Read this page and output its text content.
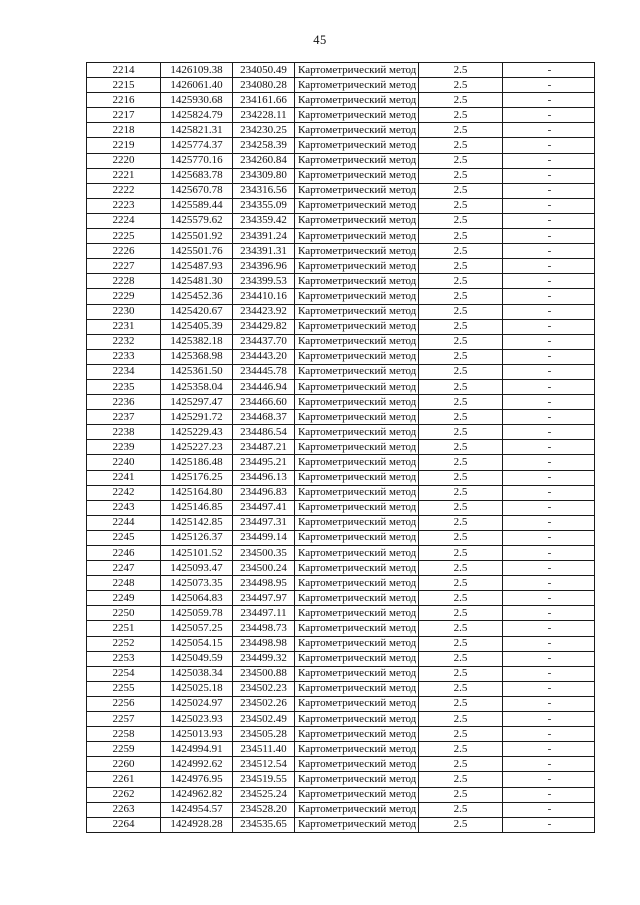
45
2214	1426109.38	234050.49	Картометрический метод	2.5	-
2215	1426061.40	234080.28	Картометрический метод	2.5	-
2216	1425930.68	234161.66	Картометрический метод	2.5	-
2217	1425824.79	234228.11	Картометрический метод	2.5	-
2218	1425821.31	234230.25	Картометрический метод	2.5	-
2219	1425774.37	234258.39	Картометрический метод	2.5	-
2220	1425770.16	234260.84	Картометрический метод	2.5	-
2221	1425683.78	234309.80	Картометрический метод	2.5	-
2222	1425670.78	234316.56	Картометрический метод	2.5	-
2223	1425589.44	234355.09	Картометрический метод	2.5	-
2224	1425579.62	234359.42	Картометрический метод	2.5	-
2225	1425501.92	234391.24	Картометрический метод	2.5	-
2226	1425501.76	234391.31	Картометрический метод	2.5	-
2227	1425487.93	234396.96	Картометрический метод	2.5	-
2228	1425481.30	234399.53	Картометрический метод	2.5	-
2229	1425452.36	234410.16	Картометрический метод	2.5	-
2230	1425420.67	234423.92	Картометрический метод	2.5	-
2231	1425405.39	234429.82	Картометрический метод	2.5	-
2232	1425382.18	234437.70	Картометрический метод	2.5	-
2233	1425368.98	234443.20	Картометрический метод	2.5	-
2234	1425361.50	234445.78	Картометрический метод	2.5	-
2235	1425358.04	234446.94	Картометрический метод	2.5	-
2236	1425297.47	234466.60	Картометрический метод	2.5	-
2237	1425291.72	234468.37	Картометрический метод	2.5	-
2238	1425229.43	234486.54	Картометрический метод	2.5	-
2239	1425227.23	234487.21	Картометрический метод	2.5	-
2240	1425186.48	234495.21	Картометрический метод	2.5	-
2241	1425176.25	234496.13	Картометрический метод	2.5	-
2242	1425164.80	234496.83	Картометрический метод	2.5	-
2243	1425146.85	234497.41	Картометрический метод	2.5	-
2244	1425142.85	234497.31	Картометрический метод	2.5	-
2245	1425126.37	234499.14	Картометрический метод	2.5	-
2246	1425101.52	234500.35	Картометрический метод	2.5	-
2247	1425093.47	234500.24	Картометрический метод	2.5	-
2248	1425073.35	234498.95	Картометрический метод	2.5	-
2249	1425064.83	234497.97	Картометрический метод	2.5	-
2250	1425059.78	234497.11	Картометрический метод	2.5	-
2251	1425057.25	234498.73	Картометрический метод	2.5	-
2252	1425054.15	234498.98	Картометрический метод	2.5	-
2253	1425049.59	234499.32	Картометрический метод	2.5	-
2254	1425038.34	234500.88	Картометрический метод	2.5	-
2255	1425025.18	234502.23	Картометрический метод	2.5	-
2256	1425024.97	234502.26	Картометрический метод	2.5	-
2257	1425023.93	234502.49	Картометрический метод	2.5	-
2258	1425013.93	234505.28	Картометрический метод	2.5	-
2259	1424994.91	234511.40	Картометрический метод	2.5	-
2260	1424992.62	234512.54	Картометрический метод	2.5	-
2261	1424976.95	234519.55	Картометрический метод	2.5	-
2262	1424962.82	234525.24	Картометрический метод	2.5	-
2263	1424954.57	234528.20	Картометрический метод	2.5	-
2264	1424928.28	234535.65	Картометрический метод	2.5	-
